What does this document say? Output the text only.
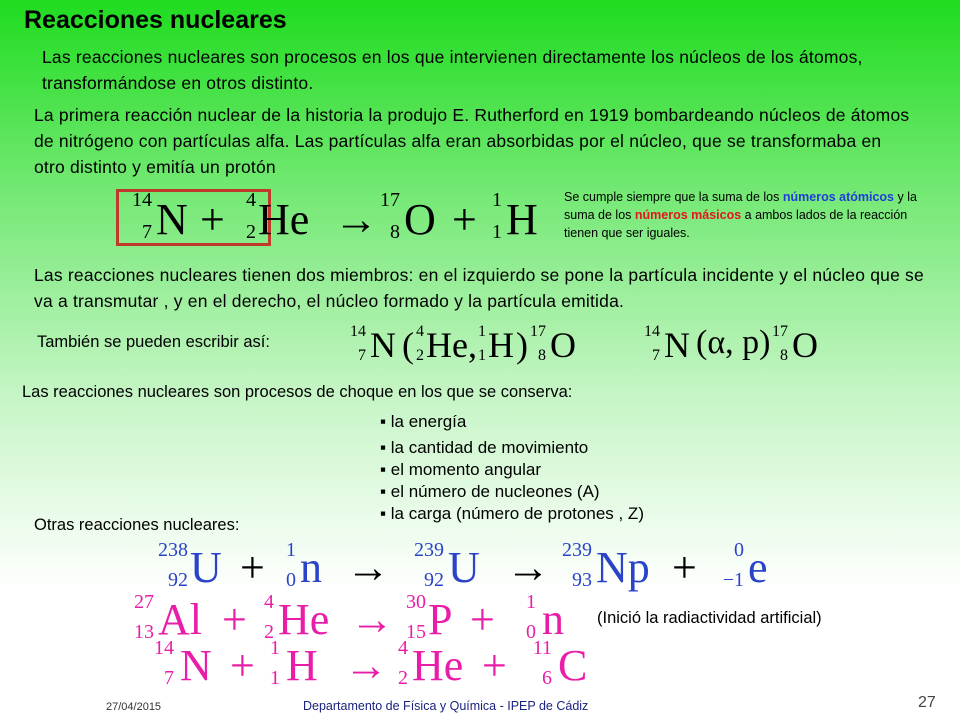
Reacciones nucleares
Las reacciones nucleares son procesos en los que intervienen directamente los núcleos de los átomos, transformándose en otros distinto.
La primera reacción nuclear de la historia la produjo E. Rutherford en 1919 bombardeando núcleos de átomos de nitrógeno con partículas alfa. Las partículas alfa eran absorbidas por el núcleo, que se transformaba en otro distinto y emitía un protón
14
7 N +	4
2 He → 17
8 O + 1
1 H Se cumple siempre que la suma de los números atómicos y la suma de los números másicos a ambos lados de la reacción tienen que ser iguales.
Las reacciones nucleares tienen dos miembros: en el izquierdo se pone la partícula incidente y el núcleo que se va a transmutar , y en el derecho, el núcleo formado y la partícula emitida.
También se pueden escribir así:
14
7 N ( 4
2 He, 1
1 H ) 17
8 O	14
7 N (α, p) 17
8 O
Las reacciones nucleares son procesos de choque en los que se conserva:
▪ la energía
▪ la cantidad de movimiento
▪ el momento angular
▪ el número de nucleones (A)
▪ la carga (número de protones , Z)
Otras reacciones nucleares:
238
92 U +	1
0 n →	239
92 U → 239
93 Np +	0
−1 e
27
13 Al + 4
2 He → 30
15 P +	1
0 n (Inició la radiactividad artificial)
14
7 N + 1
1 H → 4
2 He +	11
6 C
27/04/2015	Departamento de Física y Química - IPEP de Cádiz	27
